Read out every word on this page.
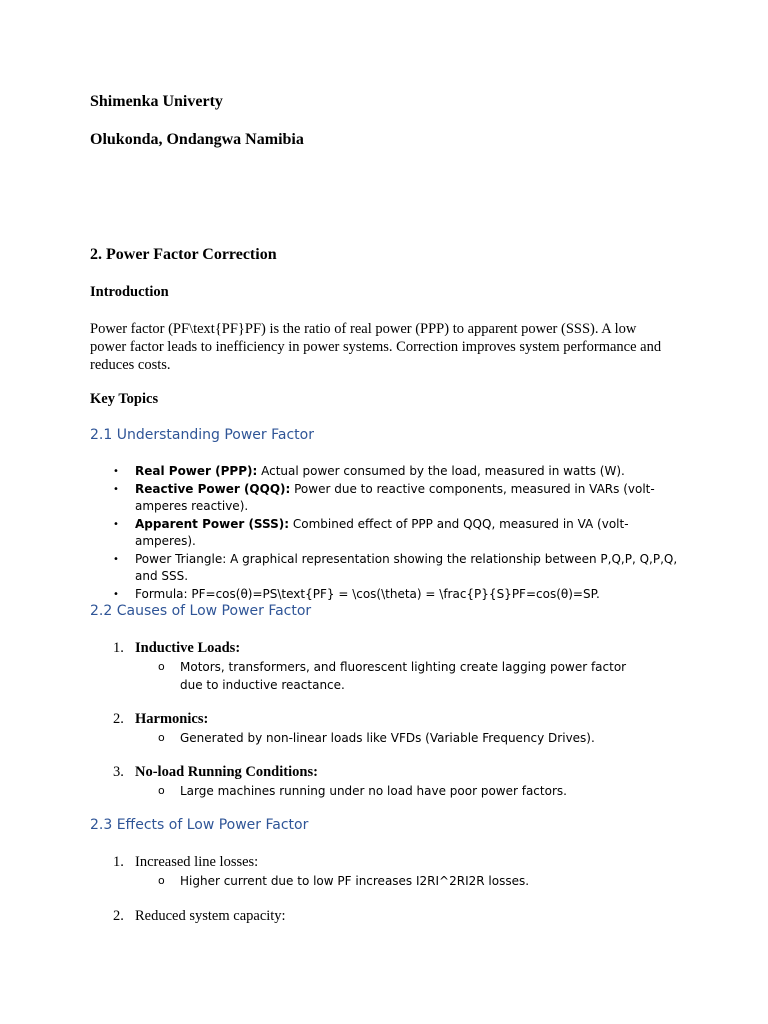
Shimenka Univerty
Olukonda, Ondangwa Namibia
2. Power Factor Correction
Introduction
Power factor (PF\text{PF}PF) is the ratio of real power (PPP) to apparent power (SSS). A low power factor leads to inefficiency in power systems. Correction improves system performance and reduces costs.
Key Topics
2.1 Understanding Power Factor
• Real Power (PPP): Actual power consumed by the load, measured in watts (W).
• Reactive Power (QQQ): Power due to reactive components, measured in VARs (volt-amperes reactive).
• Apparent Power (SSS): Combined effect of PPP and QQQ, measured in VA (volt-amperes).
• Power Triangle: A graphical representation showing the relationship between P,Q,P, Q,P,Q, and SSS.
• Formula: PF=cos(θ)=PS\text{PF} = \cos(\theta) = \frac{P}{S}PF=cos(θ)=SP.
2.2 Causes of Low Power Factor
1. Inductive Loads:
o	Motors, transformers, and fluorescent lighting create lagging power factor due to inductive reactance.
2. Harmonics:
o	Generated by non-linear loads like VFDs (Variable Frequency Drives).
3. No-load Running Conditions:
o	Large machines running under no load have poor power factors.
2.3 Effects of Low Power Factor
1. Increased line losses:
o	Higher current due to low PF increases I2RI^2RI2R losses.
2. Reduced system capacity:
